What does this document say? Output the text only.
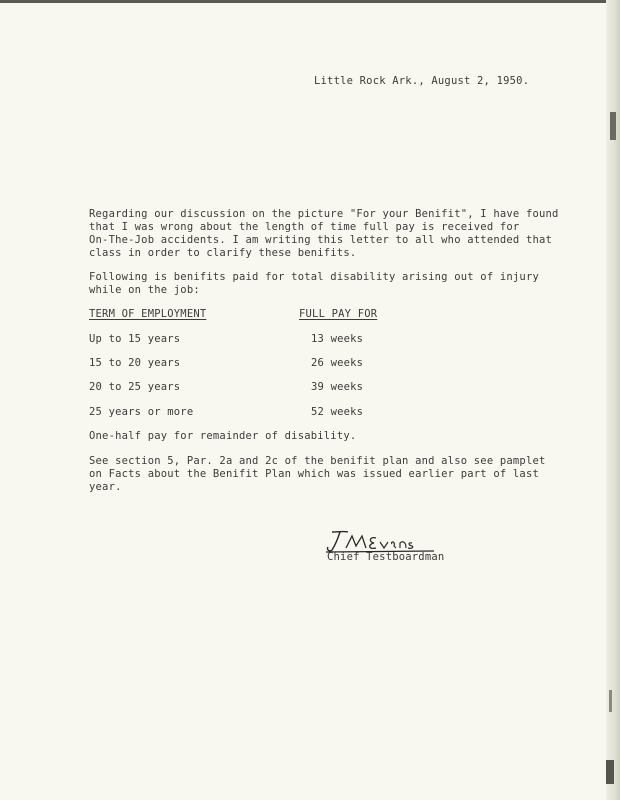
Little Rock Ark., August 2, 1950.
Regarding our discussion on the picture "For your Benifit", I have found
that I was wrong about the length of time full pay is received for
On-The-Job accidents. I am writing this letter to all who attended that
class in order to clarify these benifits.
Following is benifits paid for total disability arising out of injury
while on the job:
TERM OF EMPLOYMENT	FULL PAY FOR
Up to 15 years	13 weeks
15 to 20 years	26 weeks
20 to 25 years	39 weeks
25 years or more	52 weeks
One-half pay for remainder of disability.
See section 5, Par. 2a and 2c of the benifit plan and also see pamplet
on Facts about the Benifit Plan which was issued earlier part of last
year.
Chief Testboardman
